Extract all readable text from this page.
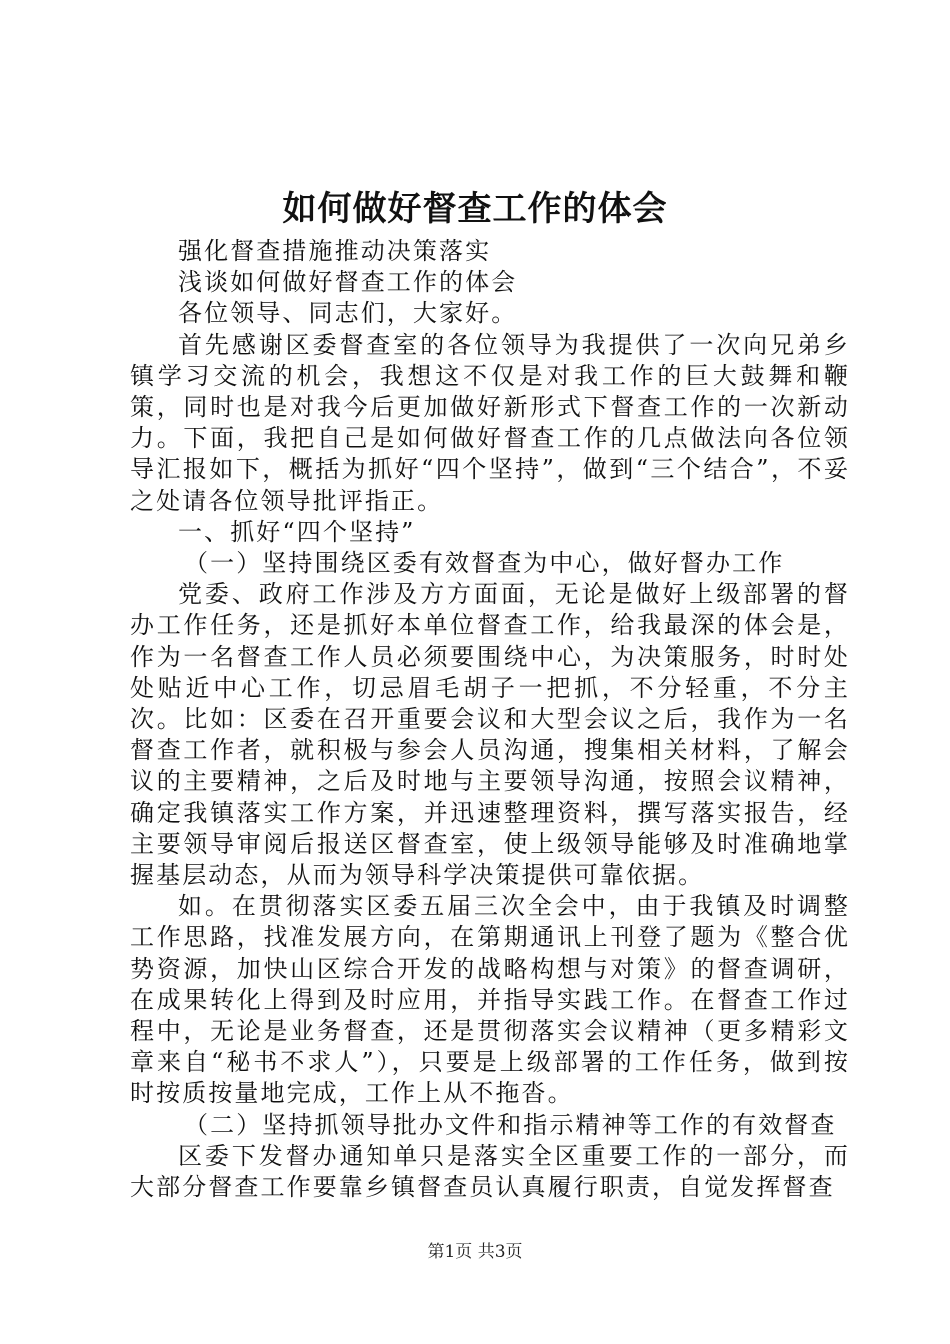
如何做好督查工作的体会

强化督查措施推动决策落实

浅谈如何做好督查工作的体会

各位领导、同志们，大家好。

首先感谢区委督查室的各位领导为我提供了一次向兄弟乡镇学习交流的机会，我想这不仅是对我工作的巨大鼓舞和鞭策，同时也是对我今后更加做好新形式下督查工作的一次新动力。下面，我把自己是如何做好督查工作的几点做法向各位领导汇报如下，概括为抓好“四个坚持”，做到“三个结合”，不妥之处请各位领导批评指正。

一、抓好“四个坚持”

（一）坚持围绕区委有效督查为中心，做好督办工作

党委、政府工作涉及方方面面，无论是做好上级部署的督办工作任务，还是抓好本单位督查工作，给我最深的体会是，作为一名督查工作人员必须要围绕中心，为决策服务，时时处处贴近中心工作，切忌眉毛胡子一把抓，不分轻重，不分主次。比如：区委在召开重要会议和大型会议之后，我作为一名督查工作者，就积极与参会人员沟通，搜集相关材料，了解会议的主要精神，之后及时地与主要领导沟通，按照会议精神，确定我镇落实工作方案，并迅速整理资料，撰写落实报告，经主要领导审阅后报送区督查室，使上级领导能够及时准确地掌握基层动态，从而为领导科学决策提供可靠依据。

如。在贯彻落实区委五届三次全会中，由于我镇及时调整工作思路，找准发展方向，在第期通讯上刊登了题为《整合优势资源，加快山区综合开发的战略构想与对策》的督查调研，在成果转化上得到及时应用，并指导实践工作。在督查工作过程中，无论是业务督查，还是贯彻落实会议精神（更多精彩文章来自“秘书不求人”），只要是上级部署的工作任务，做到按时按质按量地完成，工作上从不拖沓。

（二）坚持抓领导批办文件和指示精神等工作的有效督查

区委下发督办通知单只是落实全区重要工作的一部分，而大部分督查工作要靠乡镇督查员认真履行职责，自觉发挥督查

第1页 共3页
